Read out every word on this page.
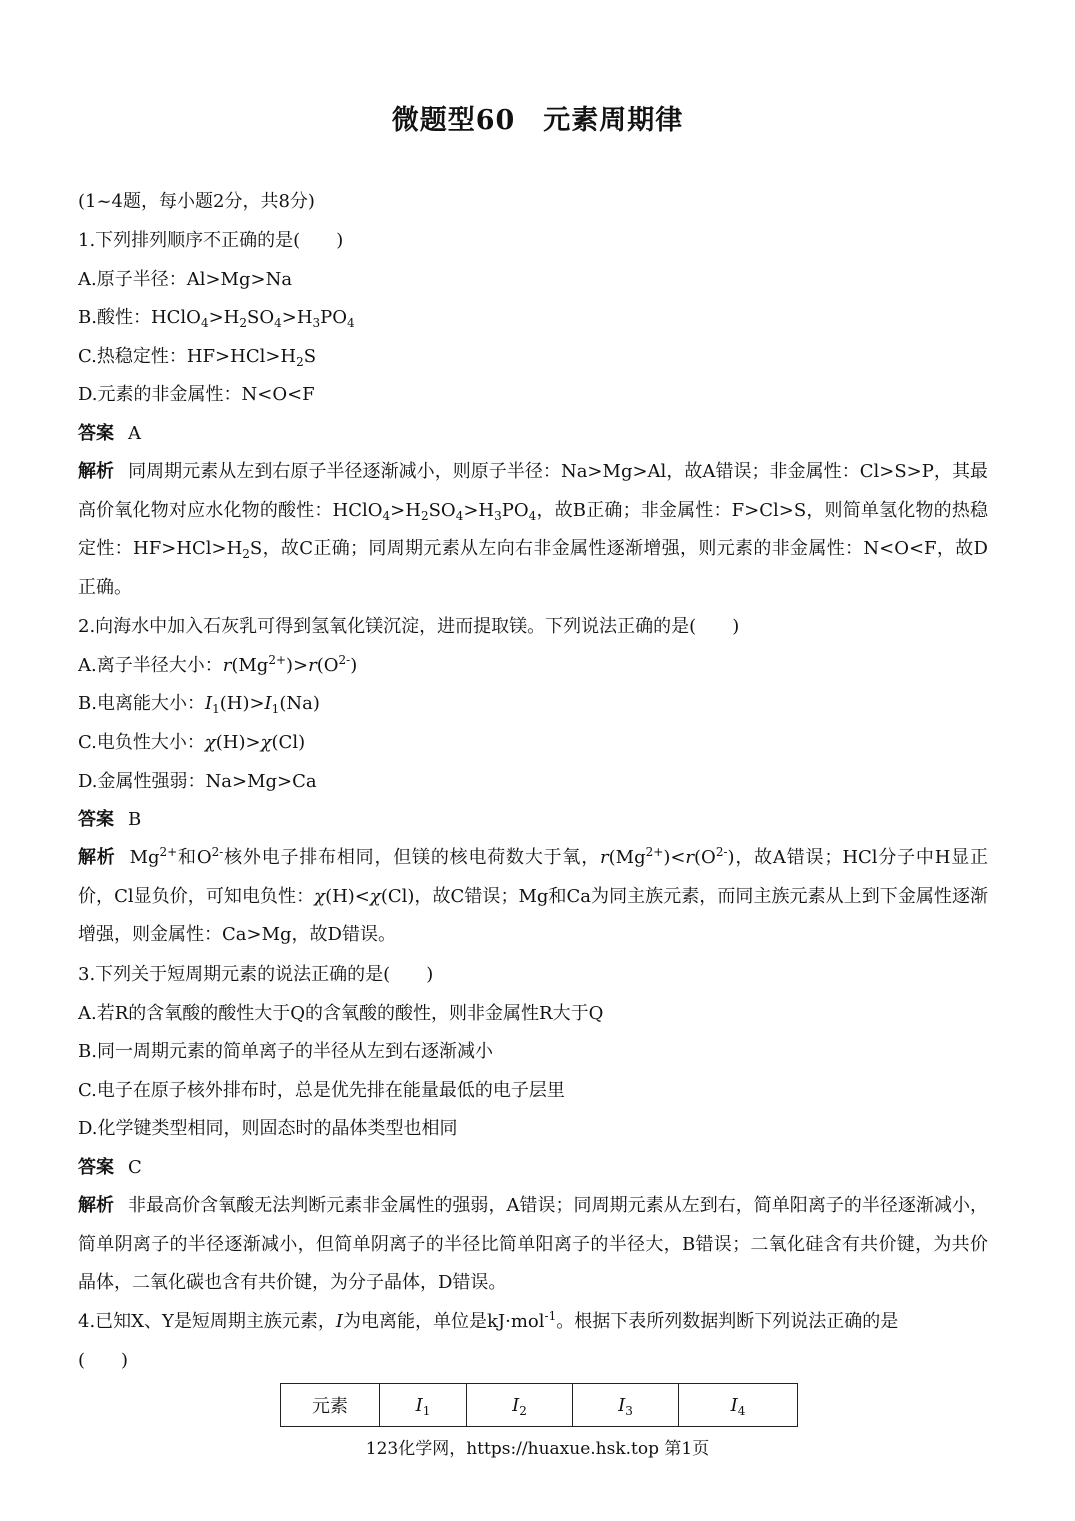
微题型60　元素周期律
(1~4题，每小题2分，共8分)
1.下列排列顺序不正确的是(　　)
A.原子半径：Al>Mg>Na
B.酸性：$HClO_4>H_2SO_4>H_3PO_4$
C.热稳定性：$HF>HCl>H_2S$
D.元素的非金属性：N<O<F
答案 A
解析 同周期元素从左到右原子半径逐渐减小，则原子半径：Na>Mg>Al，故A错误；非金属性：Cl>S>P，其最高价氧化物对应水化物的酸性：$HClO_4>H_2SO_4>H_3PO_4$，故B正确；非金属性：F>Cl>S，则简单氢化物的热稳定性：$HF>HCl>H_2S$，故C正确；同周期元素从左向右非金属性逐渐增强，则元素的非金属性：N<O<F，故D正确。
2.向海水中加入石灰乳可得到氢氧化镁沉淀，进而提取镁。下列说法正确的是(　　)
A.离子半径大小：$r(Mg^{2+})>r(O^{2-})$
B.电离能大小：$I_1(H)>I_1(Na)$
C.电负性大小：χ(H)>χ(Cl)
D.金属性强弱：Na>Mg>Ca
答案 B
解析 $Mg^{2+}$和$O^{2-}$核外电子排布相同，但镁的核电荷数大于氧，$r(Mg^{2+})<r(O^{2-})$，故A错误；HCl分子中H显正价，Cl显负价，可知电负性：χ(H)<χ(Cl)，故C错误；Mg和Ca为同主族元素，而同主族元素从上到下金属性逐渐增强，则金属性：Ca>Mg，故D错误。
3.下列关于短周期元素的说法正确的是(　　)
A.若R的含氧酸的酸性大于Q的含氧酸的酸性，则非金属性R大于Q
B.同一周期元素的简单离子的半径从左到右逐渐减小
C.电子在原子核外排布时，总是优先排在能量最低的电子层里
D.化学键类型相同，则固态时的晶体类型也相同
答案 C
解析 非最高价含氧酸无法判断元素非金属性的强弱，A错误；同周期元素从左到右，简单阳离子的半径逐渐减小，简单阴离子的半径逐渐减小，但简单阴离子的半径比简单阳离子的半径大，B错误；二氧化硅含有共价键，为共价晶体，二氧化碳也含有共价键，为分子晶体，D错误。
4.已知X、Y是短周期主族元素，I为电离能，单位是kJ·mol$^{-1}$。根据下表所列数据判断下列说法正确的是
(　　)
元素	$I_1$	$I_2$	$I_3$	$I_4$
123化学网，https://huaxue.hsk.top 第1页
